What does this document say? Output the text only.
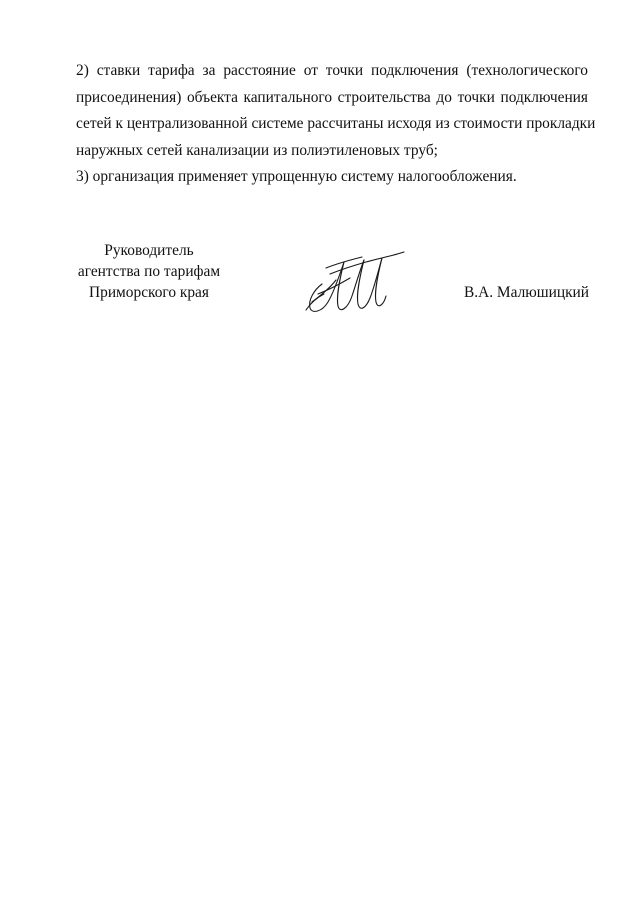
2) ставки тарифа за расстояние от точки подключения (технологического
присоединения) объекта капитального строительства до точки подключения
сетей к централизованной системе рассчитаны исходя из стоимости прокладки
наружных сетей канализации из полиэтиленовых труб;

3) организация применяет упрощенную систему налогообложения.

Руководитель
агентства по тарифам
Приморского края	В.А. Малюшицкий
